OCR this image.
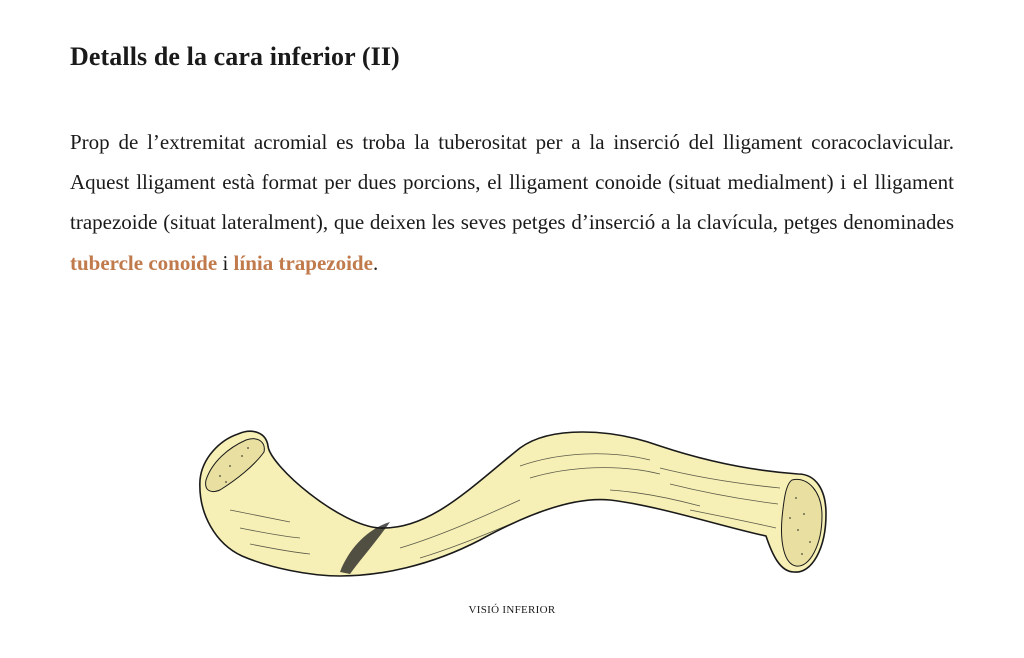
Detalls de la cara inferior (II)

Prop de l’extremitat acromial es troba la tuberositat per a la inserció del lligament coracoclavicular. Aquest lligament està format per dues porcions, el lligament conoide (situat medialment) i el lligament trapezoide (situat lateralment), que deixen les seves petges d’inserció a la clavícula, petges denominades tubercle conoide i línia trapezoide.

VISIÓ INFERIOR
